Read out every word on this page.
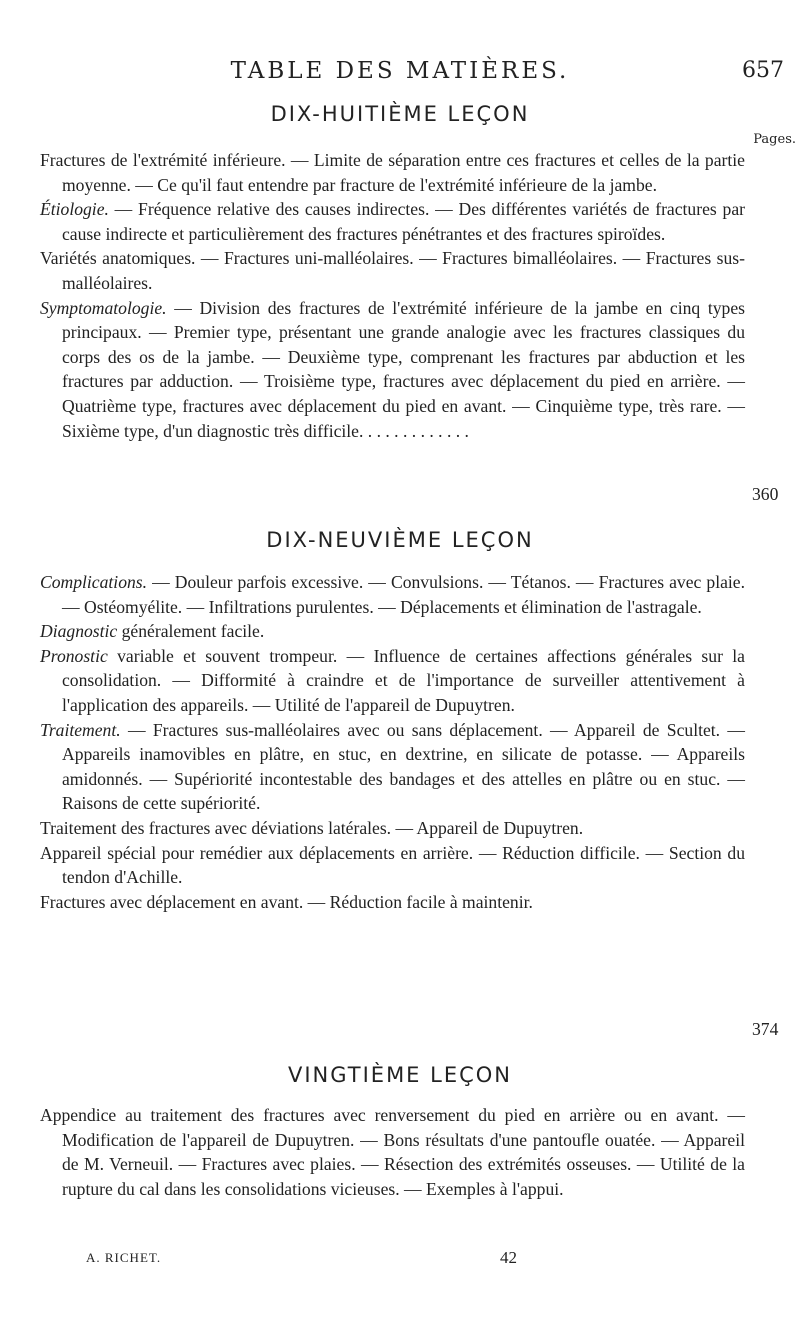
TABLE DES MATIÈRES.	657
DIX-HUITIÈME LEÇON
Pages.

Fractures de l'extrémité inférieure. — Limite de séparation entre ces fractures et celles de la partie moyenne. — Ce qu'il faut entendre par fracture de l'extrémité inférieure de la jambe.

Étiologie. — Fréquence relative des causes indirectes. — Des différentes variétés de fractures par cause indirecte et particulièrement des fractures pénétrantes et des fractures spiroïdes.

Variétés anatomiques. — Fractures uni-malléolaires. — Fractures bimalléolaires. — Fractures sus-malléolaires.

Symptomatologie. — Division des fractures de l'extrémité inférieure de la jambe en cinq types principaux. — Premier type, présentant une grande analogie avec les fractures classiques du corps des os de la jambe. — Deuxième type, comprenant les fractures par abduction et les fractures par adduction. — Troisième type, fractures avec déplacement du pied en arrière. — Quatrième type, fractures avec déplacement du pied en avant. — Cinquième type, très rare. — Sixième type, d'un diagnostic très difficile. . . . . . . . . . . . .

360
DIX-NEUVIÈME LEÇON

Complications. — Douleur parfois excessive. — Convulsions. — Tétanos. — Fractures avec plaie. — Ostéomyélite. — Infiltrations purulentes. — Déplacements et élimination de l'astragale.

Diagnostic généralement facile.

Pronostic variable et souvent trompeur. — Influence de certaines affections générales sur la consolidation. — Difformité à craindre et de l'importance de surveiller attentivement à l'application des appareils. — Utilité de l'appareil de Dupuytren.

Traitement. — Fractures sus-malléolaires avec ou sans déplacement. — Appareil de Scultet. — Appareils inamovibles en plâtre, en stuc, en dextrine, en silicate de potasse. — Appareils amidonnés. — Supériorité incontestable des bandages et des attelles en plâtre ou en stuc. — Raisons de cette supériorité.

Traitement des fractures avec déviations latérales. — Appareil de Dupuytren.

Appareil spécial pour remédier aux déplacements en arrière. — Réduction difficile. — Section du tendon d'Achille.

Fractures avec déplacement en avant. — Réduction facile à maintenir.

374
VINGTIÈME LEÇON

Appendice au traitement des fractures avec renversement du pied en arrière ou en avant. — Modification de l'appareil de Dupuytren. — Bons résultats d'une pantoufle ouatée. — Appareil de M. Verneuil. — Fractures avec plaies. — Résection des extrémités osseuses. — Utilité de la rupture du cal dans les consolidations vicieuses. — Exemples à l'appui.

A. RICHET.	42
